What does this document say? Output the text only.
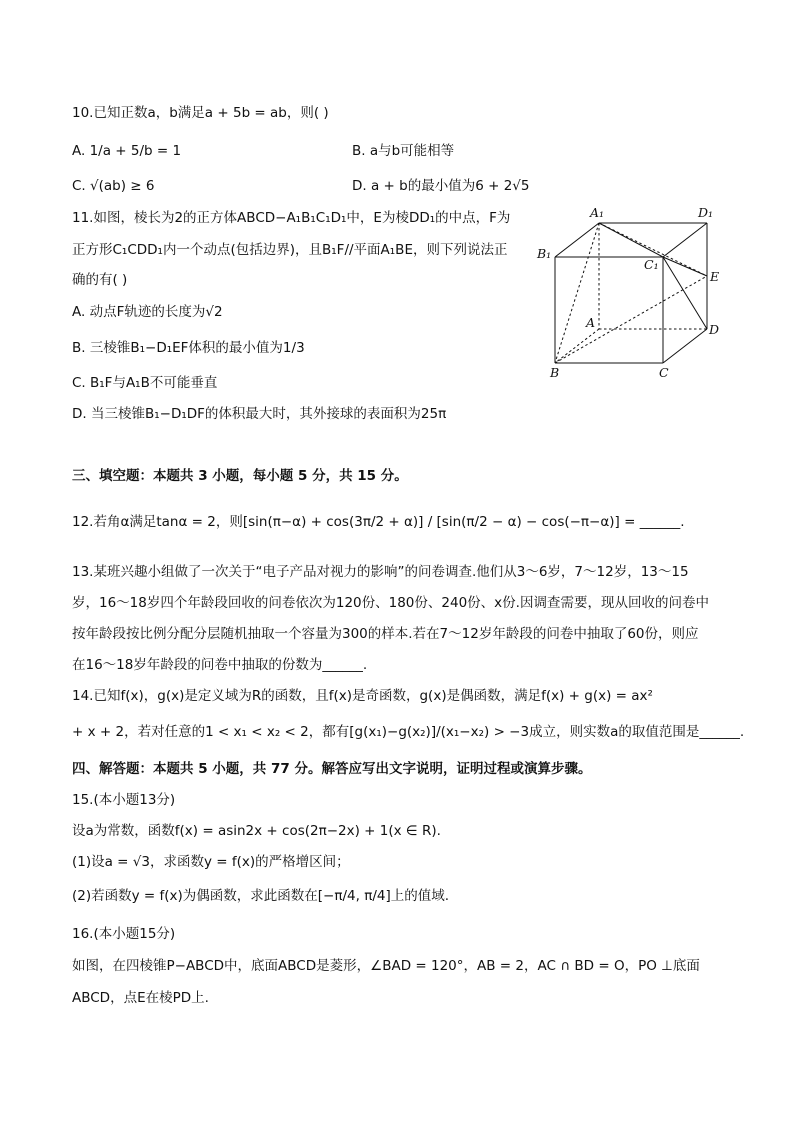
10.已知正数a，b满足a + 5b = ab，则( )
A. 1/a + 5/b = 1	B. a与b可能相等
C. √(ab) ≥ 6	D. a + b的最小值为6 + 2√5
11.如图，棱长为2的正方体ABCD−A₁B₁C₁D₁中，E为棱DD₁的中点，F为
正方形C₁CDD₁内一个动点(包括边界)，且B₁F//平面A₁BE，则下列说法正
确的有( )
A. 动点F轨迹的长度为√2
B. 三棱锥B₁−D₁EF体积的最小值为1/3
C. B₁F与A₁B不可能垂直
D. 当三棱锥B₁−D₁DF的体积最大时，其外接球的表面积为25π
A₁	D₁
B₁
C₁
E
A	D
B	C
三、填空题：本题共 3 小题，每小题 5 分，共 15 分。
12.若角α满足tanα = 2，则[sin(π−α) + cos(3π/2 + α)] / [sin(π/2 − α) − cos(−π−α)] = ______.
13.某班兴趣小组做了一次关于“电子产品对视力的影响”的问卷调查.他们从3～6岁，7～12岁，13～15
岁，16～18岁四个年龄段回收的问卷依次为120份、180份、240份、x份.因调查需要，现从回收的问卷中
按年龄段按比例分配分层随机抽取一个容量为300的样本.若在7～12岁年龄段的问卷中抽取了60份，则应
在16～18岁年龄段的问卷中抽取的份数为______.
14.已知f(x)，g(x)是定义域为R的函数，且f(x)是奇函数，g(x)是偶函数，满足f(x) + g(x) = ax²
+ x + 2，若对任意的1 < x₁ < x₂ < 2，都有[g(x₁)−g(x₂)]/(x₁−x₂) > −3成立，则实数a的取值范围是______.
四、解答题：本题共 5 小题，共 77 分。解答应写出文字说明，证明过程或演算步骤。
15.(本小题13分)
设a为常数，函数f(x) = asin2x + cos(2π−2x) + 1(x ∈ R).
(1)设a = √3，求函数y = f(x)的严格增区间；
(2)若函数y = f(x)为偶函数，求此函数在[−π/4, π/4]上的值域.
16.(本小题15分)
如图，在四棱锥P−ABCD中，底面ABCD是菱形，∠BAD = 120°，AB = 2，AC ∩ BD = O，PO ⊥底面
ABCD，点E在棱PD上.
